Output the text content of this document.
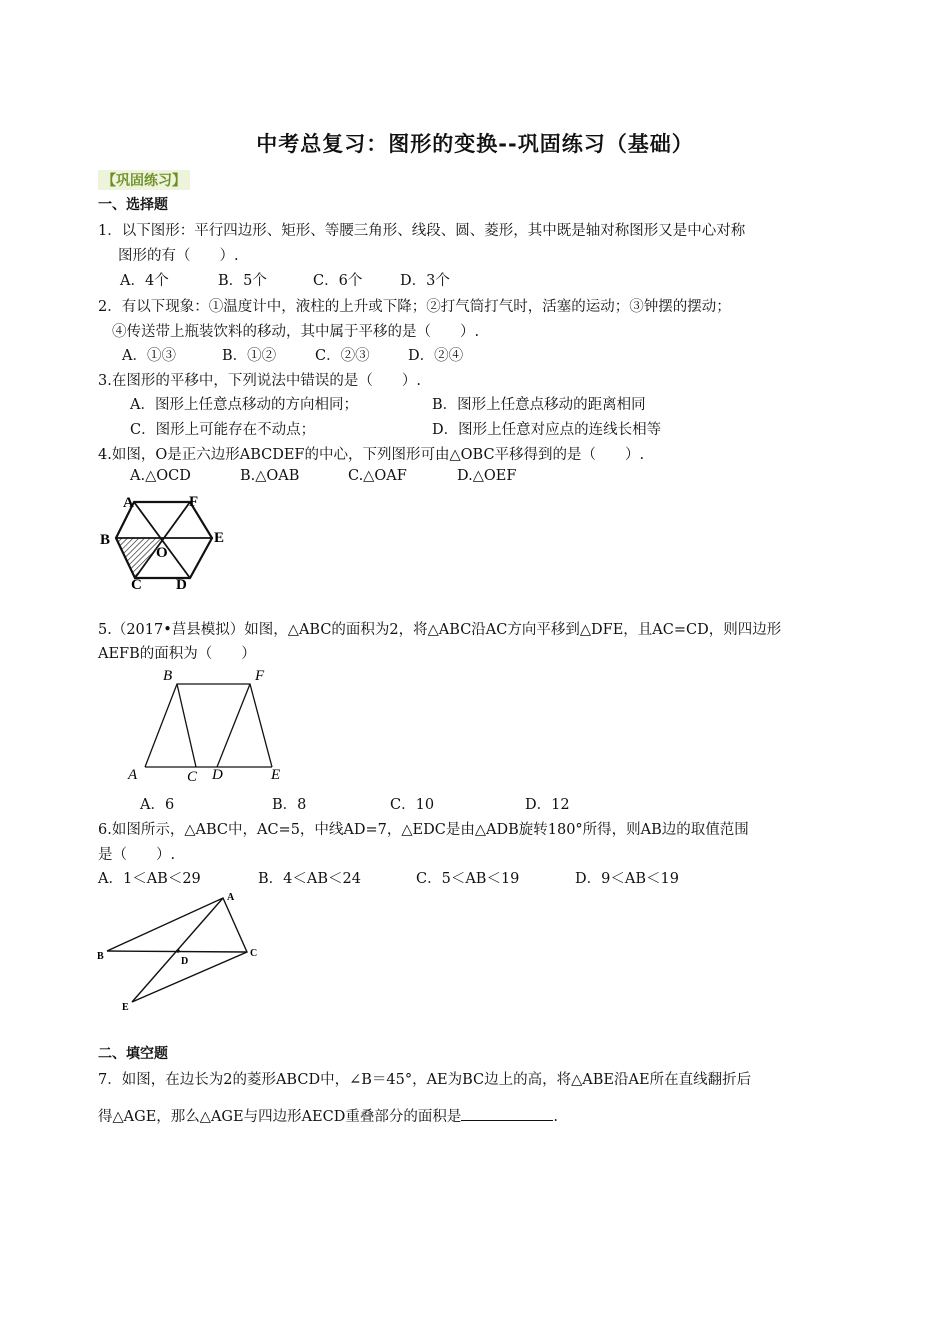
中考总复习：图形的变换--巩固练习（基础）
【巩固练习】
一、选择题
1．以下图形：平行四边形、矩形、等腰三角形、线段、圆、菱形，其中既是轴对称图形又是中心对称
图形的有（　　）.
A．4个	B．5个	C．6个	D．3个
2．有以下现象：①温度计中，液柱的上升或下降；②打气筒打气时，活塞的运动；③钟摆的摆动；
④传送带上瓶装饮料的移动，其中属于平移的是（　　）.
A．①③	B．①②	C．②③	D．②④
3.在图形的平移中，下列说法中错误的是（　　）.
A．图形上任意点移动的方向相同；	B．图形上任意点移动的距离相同
C．图形上可能存在不动点；	D．图形上任意对应点的连线长相等
4.如图，O是正六边形ABCDEF的中心，下列图形可由△OBC平移得到的是（　　）.
A.△OCD	B.△OAB	C.△OAF	D.△OEF
A	F
B
O
E
C D
5.（2017•莒县模拟）如图，△ABC的面积为2，将△ABC沿AC方向平移到△DFE，且AC=CD，则四边形
AEFB的面积为（　　）
B	F
A	C D	E
A．6	B．8	C．10	D．12
6.如图所示，△ABC中，AC=5，中线AD=7，△EDC是由△ADB旋转180°所得，则AB边的取值范围
是（　　）.
A．1＜AB＜29	B．4＜AB＜24	C．5＜AB＜19	D．9＜AB＜19
A
B	D
C
E
二、填空题
7．如图，在边长为2的菱形ABCD中，∠B＝45°，AE为BC边上的高，将△ABE沿AE所在直线翻折后
得△AGE，那么△AGE与四边形AECD重叠部分的面积是	.
